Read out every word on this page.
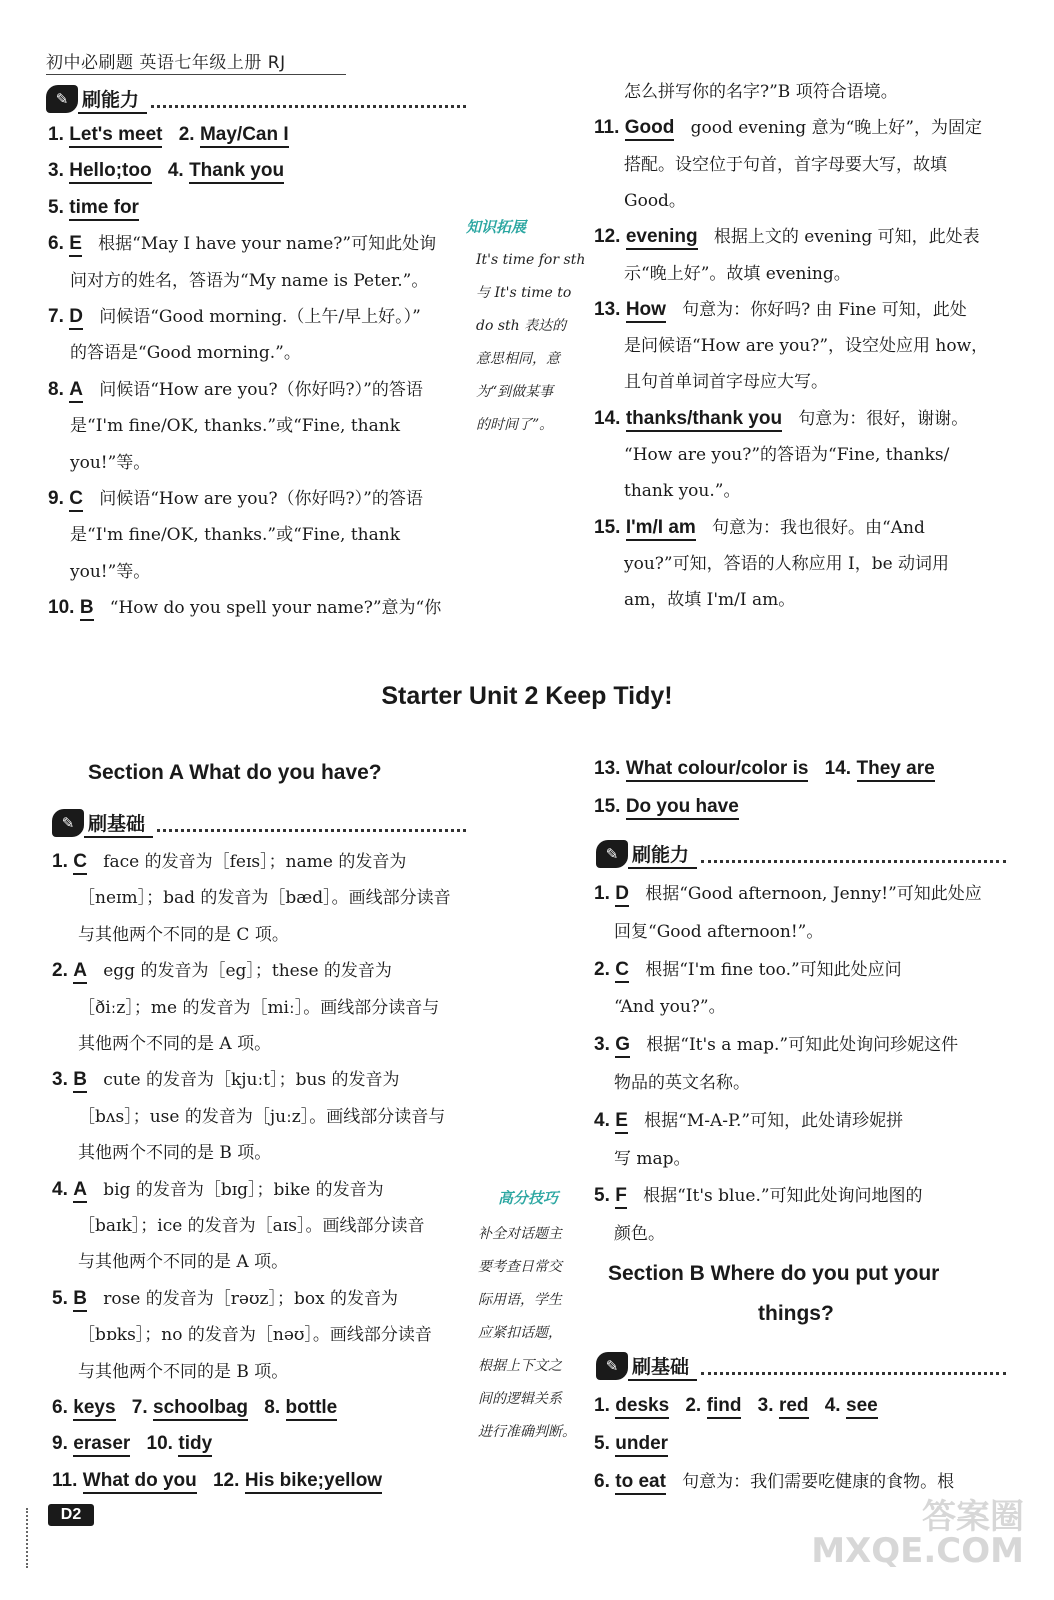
初中必刷题 英语七年级上册 RJ
✎ 刷能力
1. Let's meet 2. May/Can I
3. Hello;too 4. Thank you
5. time for
6. E 根据“May I have your name?”可知此处询
问对方的姓名，答语为“My name is Peter.”。
7. D 问候语“Good morning.（上午/早上好。）”
的答语是“Good morning.”。
8. A 问候语“How are you?（你好吗?）”的答语
是“I'm fine/OK, thanks.”或“Fine, thank
you!”等。
9. C 问候语“How are you?（你好吗?）”的答语
是“I'm fine/OK, thanks.”或“Fine, thank
you!”等。
10. B “How do you spell your name?”意为“你
怎么拼写你的名字?”B 项符合语境。
11. Good good evening 意为“晚上好”，为固定
搭配。设空位于句首，首字母要大写，故填
Good。
12. evening 根据上文的 evening 可知，此处表
示“晚上好”。故填 evening。
13. How 句意为：你好吗? 由 Fine 可知，此处
是问候语“How are you?”，设空处应用 how，
且句首单词首字母应大写。
14. thanks/thank you 句意为：很好，谢谢。
“How are you?”的答语为“Fine, thanks/
thank you.”。
15. I'm/I am 句意为：我也很好。由“And
you?”可知，答语的人称应用 I，be 动词用
am，故填 I'm/I am。
知识拓展
It's time for sth
与 It's time to
do sth 表达的
意思相同，意
为“到做某事
的时间了”。
Starter Unit 2 Keep Tidy!
Section A What do you have?
✎ 刷基础
1. C face 的发音为［feɪs］；name 的发音为
［neɪm］；bad 的发音为［bæd］。画线部分读音
与其他两个不同的是 C 项。
2. A egg 的发音为［eg］；these 的发音为
［ðiːz］；me 的发音为［miː］。画线部分读音与
其他两个不同的是 A 项。
3. B cute 的发音为［kjuːt］；bus 的发音为
［bʌs］；use 的发音为［juːz］。画线部分读音与
其他两个不同的是 B 项。
4. A big 的发音为［bɪg］；bike 的发音为
［baɪk］；ice 的发音为［aɪs］。画线部分读音
与其他两个不同的是 A 项。
5. B rose 的发音为［rəʊz］；box 的发音为
［bɒks］；no 的发音为［nəʊ］。画线部分读音
与其他两个不同的是 B 项。
6. keys 7. schoolbag 8. bottle
9. eraser 10. tidy
11. What do you 12. His bike;yellow
高分技巧
补全对话题主
要考查日常交
际用语，学生
应紧扣话题，
根据上下文之
间的逻辑关系
进行准确判断。
13. What colour/color is 14. They are
15. Do you have
✎ 刷能力
1. D 根据“Good afternoon, Jenny!”可知此处应
回复“Good afternoon!”。
2. C 根据“I'm fine too.”可知此处应问
“And you?”。
3. G 根据“It's a map.”可知此处询问珍妮这件
物品的英文名称。
4. E 根据“M-A-P.”可知，此处请珍妮拼
写 map。
5. F 根据“It's blue.”可知此处询问地图的
颜色。
Section B Where do you put your
things?
✎ 刷基础
1. desks 2. find 3. red 4. see
5. under
6. to eat 句意为：我们需要吃健康的食物。根
D2	答案圈
MXQE.COM
